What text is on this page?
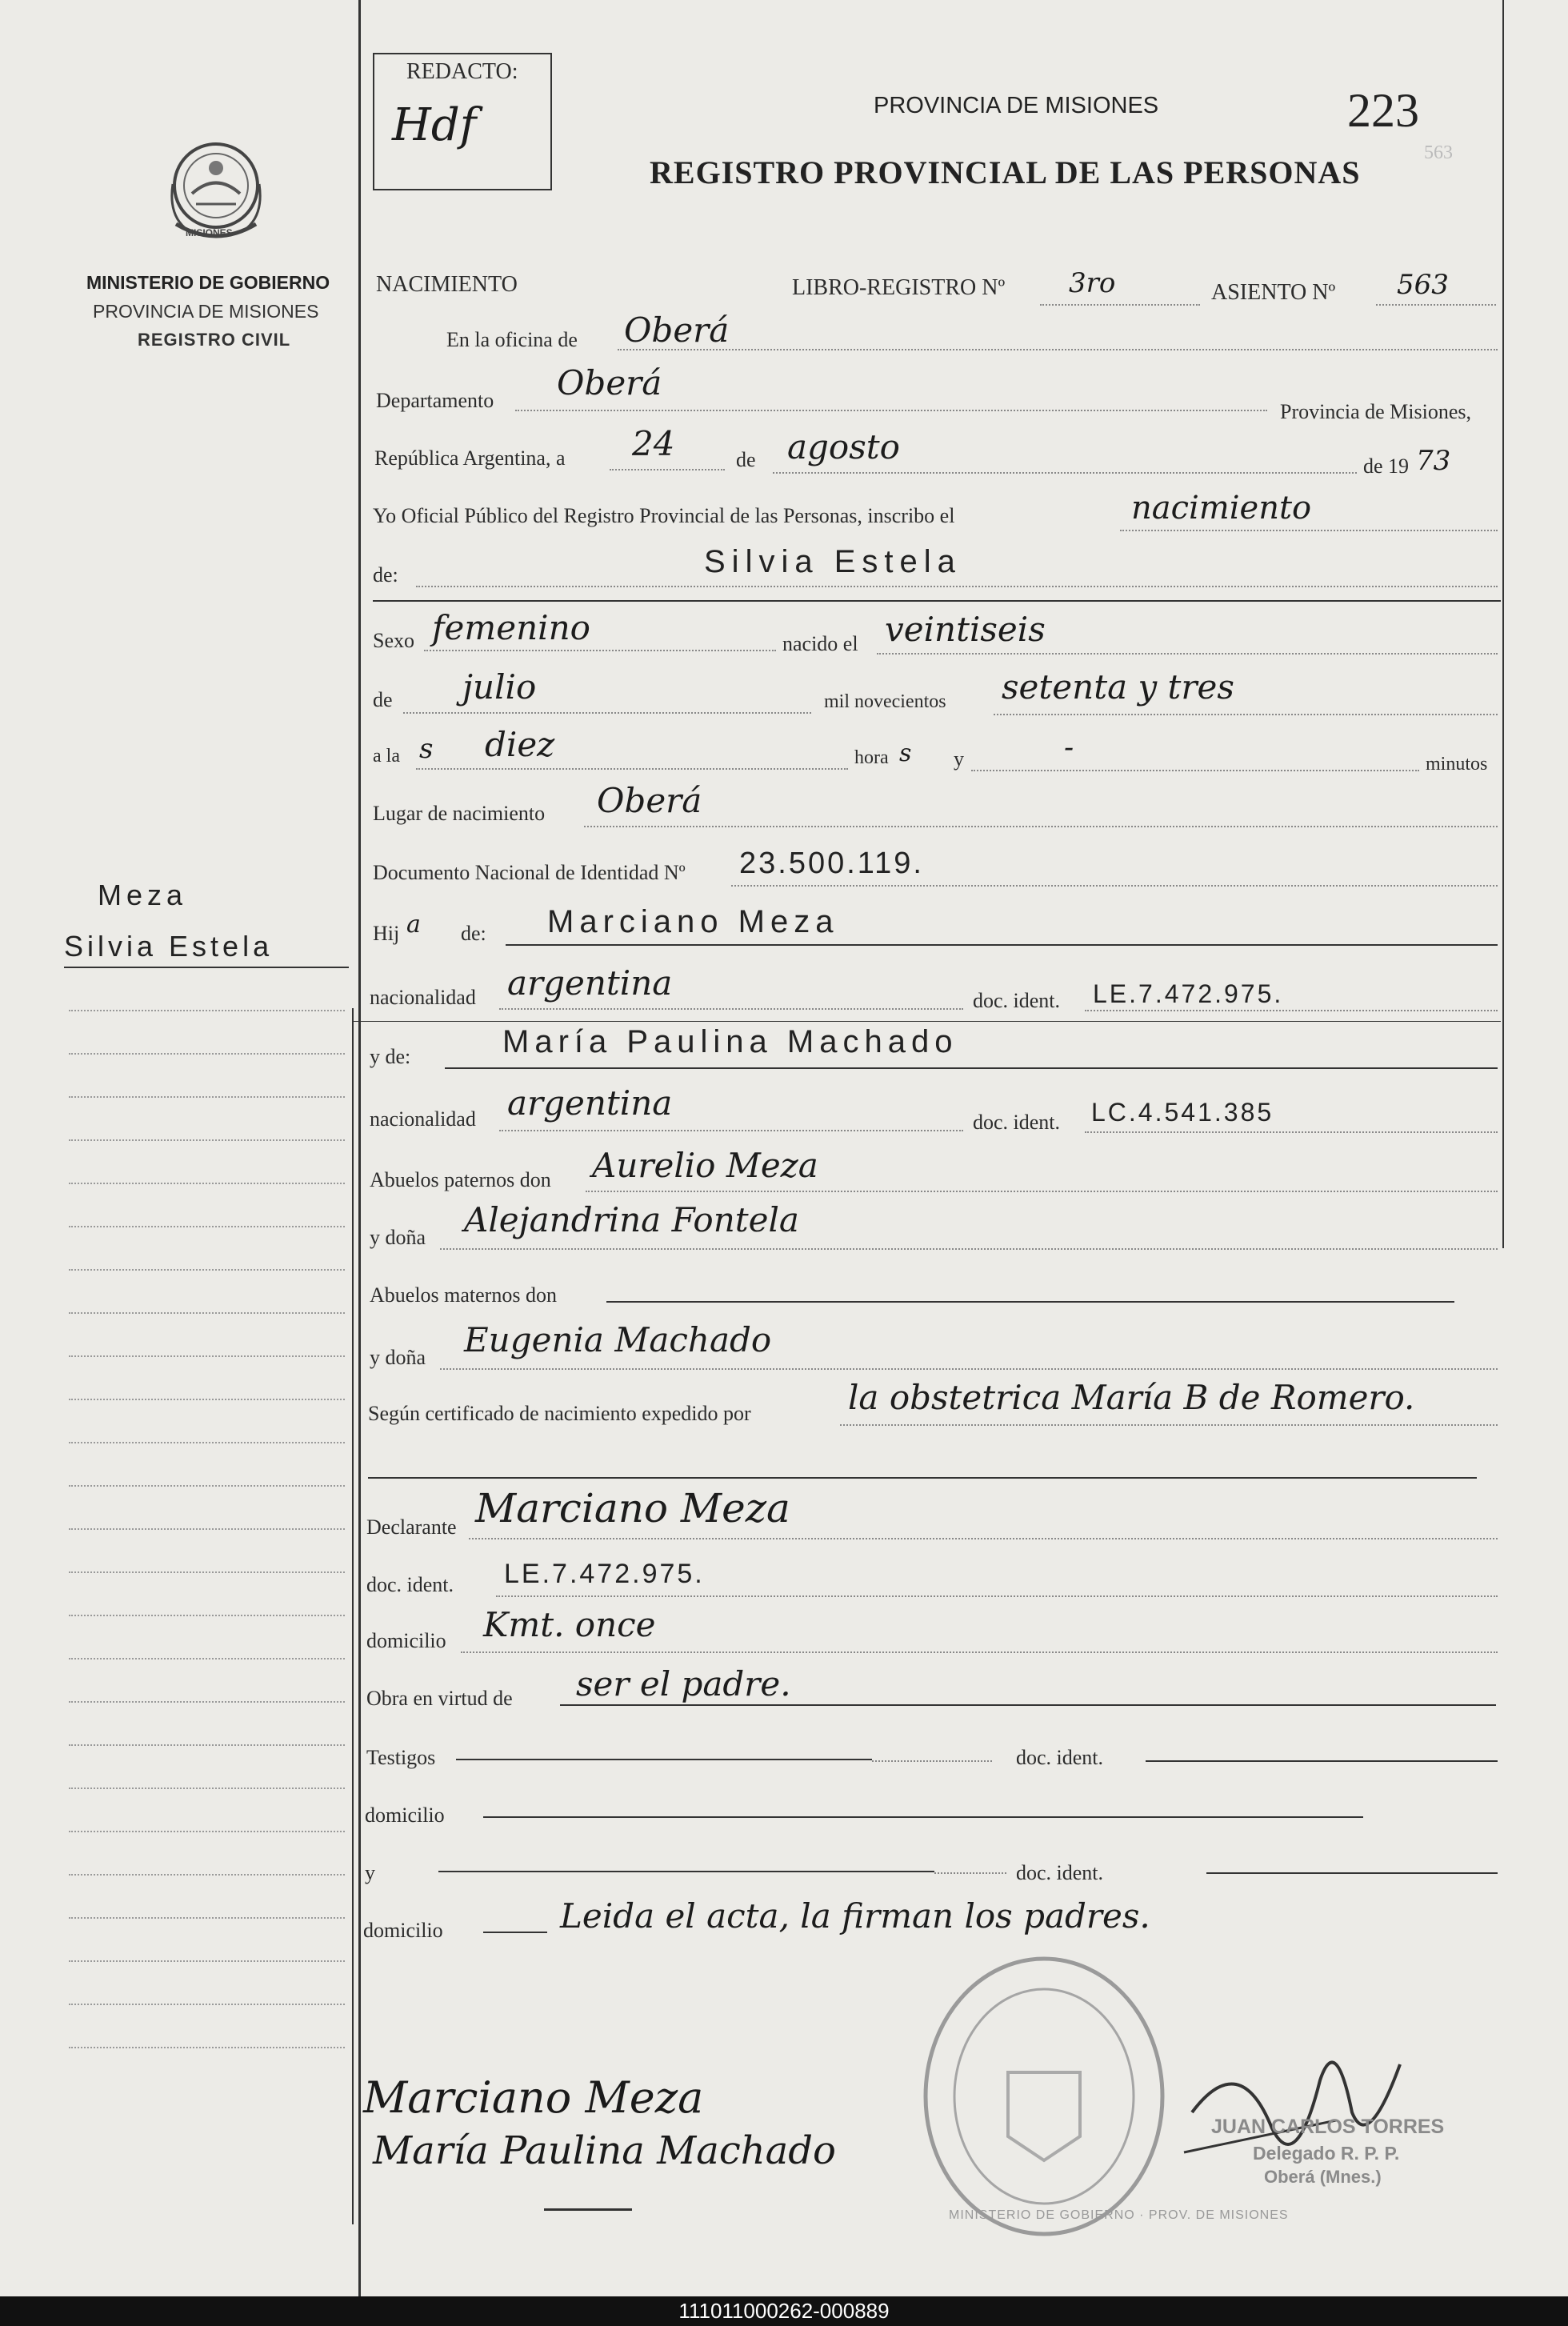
MISIONES
MINISTERIO DE GOBIERNO
PROVINCIA DE MISIONES
REGISTRO CIVIL
Meza
Silvia Estela
REDACTO:
Hdf	PROVINCIA DE MISIONES
REGISTRO PROVINCIAL DE LAS PERSONAS
223
563
NACIMIENTO	LIBRO-REGISTRO Nº 3ro	ASIENTO Nº 563
En la oficina de Oberá
Departamento Oberá
Provincia de Misiones,
República Argentina, a 24	de agosto	de 19 73
Yo Oficial Público del Registro Provincial de las Personas, inscribo el	nacimiento
de:	Silvia Estela
Sexo femenino	nacido el veintiseis
de julio	mil novecientos setenta y tres
a la s diez	hora s y	-	minutos
Lugar de nacimiento Oberá
Documento Nacional de Identidad Nº 23.500.119.
Hij a de: Marciano Meza
nacionalidad argentina	doc. ident. LE.7.472.975.
y de:	María Paulina Machado
nacionalidad argentina	doc. ident. LC.4.541.385
Abuelos paternos don Aurelio Meza
y doña Alejandrina Fontela
Abuelos maternos don
y doña Eugenia Machado
Según certificado de nacimiento expedido por	la obstetrica María B de Romero.
Declarante Marciano Meza
doc. ident. LE.7.472.975.
domicilio Kmt. once
Obra en virtud de ser el padre.
Testigos	doc. ident.
domicilio
y	doc. ident.
domicilio	Leida el acta, la firman los padres.
MINISTERIO DE GOBIERNO · PROV. DE MISIONES
JUAN CARLOS TORRES
Delegado R. P. P.
Oberá (Mnes.)
Marciano Meza
María Paulina Machado
111011000262-000889
